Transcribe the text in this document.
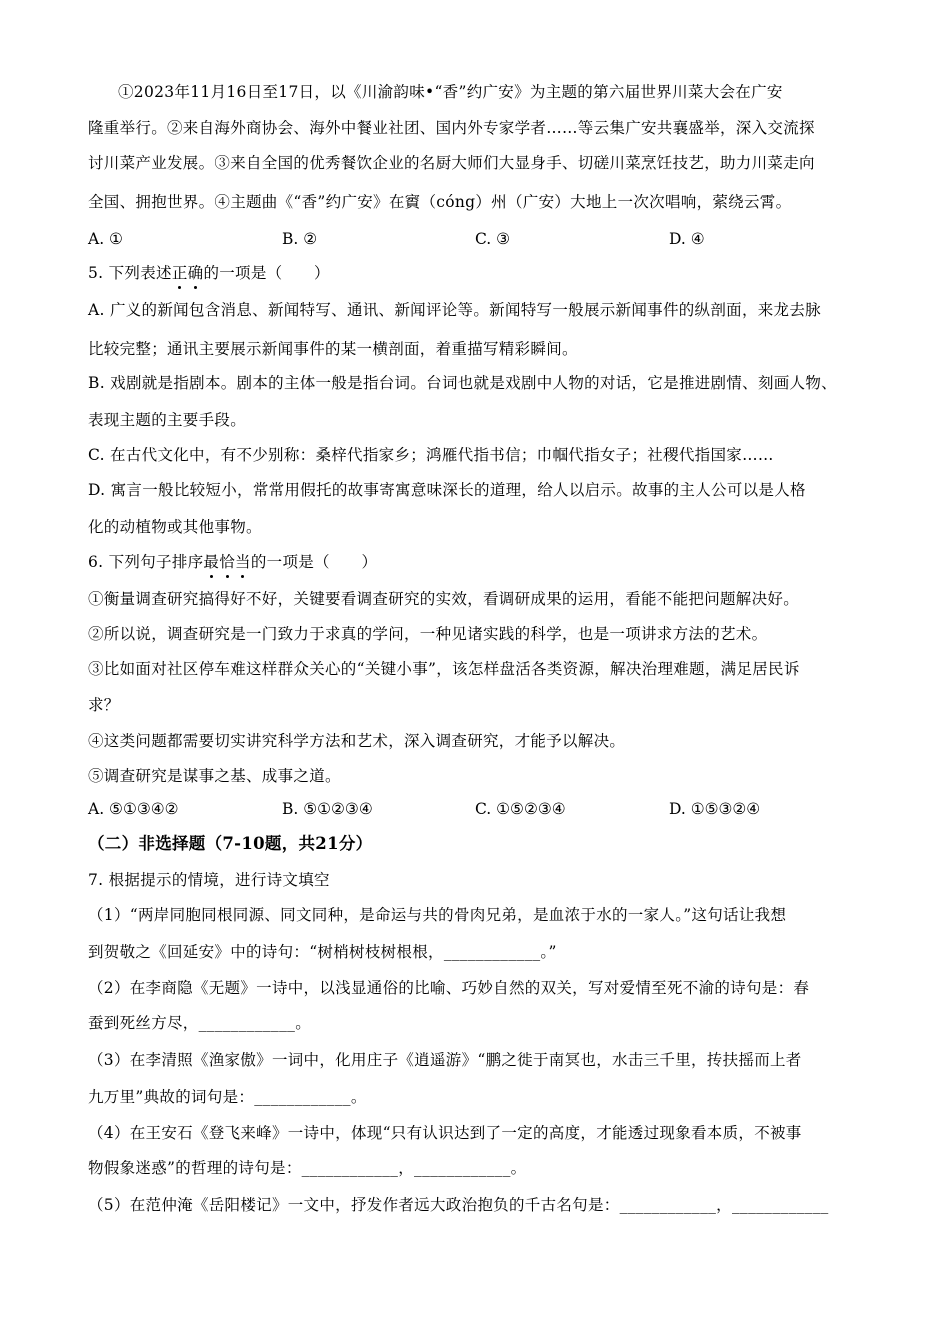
①2023年11月16日至17日，以《川渝韵味•“香”约广安》为主题的第六届世界川菜大会在广安
隆重举行。②来自海外商协会、海外中餐业社团、国内外专家学者……等云集广安共襄盛举，深入交流探
讨川菜产业发展。③来自全国的优秀餐饮企业的名厨大师们大显身手、切磋川菜烹饪技艺，助力川菜走向
全国、拥抱世界。④主题曲《“香”约广安》在賨（cóng）州（广安）大地上一次次唱响，萦绕云霄。
A. ①	B. ②	C. ③	D. ④
5. 下列表述正确的一项是（　　）
A. 广义的新闻包含消息、新闻特写、通讯、新闻评论等。新闻特写一般展示新闻事件的纵剖面，来龙去脉
比较完整；通讯主要展示新闻事件的某一横剖面，着重描写精彩瞬间。
B. 戏剧就是指剧本。剧本的主体一般是指台词。台词也就是戏剧中人物的对话，它是推进剧情、刻画人物、
表现主题的主要手段。
C. 在古代文化中，有不少别称：桑梓代指家乡；鸿雁代指书信；巾帼代指女子；社稷代指国家……
D. 寓言一般比较短小，常常用假托的故事寄寓意味深长的道理，给人以启示。故事的主人公可以是人格
化的动植物或其他事物。
6. 下列句子排序最恰当的一项是（　　）
①衡量调查研究搞得好不好，关键要看调查研究的实效，看调研成果的运用，看能不能把问题解决好。
②所以说，调查研究是一门致力于求真的学问，一种见诸实践的科学，也是一项讲求方法的艺术。
③比如面对社区停车难这样群众关心的“关键小事”，该怎样盘活各类资源，解决治理难题，满足居民诉
求？
④这类问题都需要切实讲究科学方法和艺术，深入调查研究，才能予以解决。
⑤调查研究是谋事之基、成事之道。
A. ⑤①③④②	B. ⑤①②③④	C. ①⑤②③④	D. ①⑤③②④
（二）非选择题（7-10题，共21分）
7. 根据提示的情境，进行诗文填空
（1）“两岸同胞同根同源、同文同种，是命运与共的骨肉兄弟，是血浓于水的一家人。”这句话让我想
到贺敬之《回延安》中的诗句：“树梢树枝树根根，____________。”
（2）在李商隐《无题》一诗中，以浅显通俗的比喻、巧妙自然的双关，写对爱情至死不渝的诗句是：春
蚕到死丝方尽，____________。
（3）在李清照《渔家傲》一词中，化用庄子《逍遥游》“鹏之徙于南冥也，水击三千里，抟扶摇而上者
九万里”典故的词句是：____________。
（4）在王安石《登飞来峰》一诗中，体现“只有认识达到了一定的高度，才能透过现象看本质，不被事
物假象迷惑”的哲理的诗句是：____________，____________。
（5）在范仲淹《岳阳楼记》一文中，抒发作者远大政治抱负的千古名句是：____________，____________
